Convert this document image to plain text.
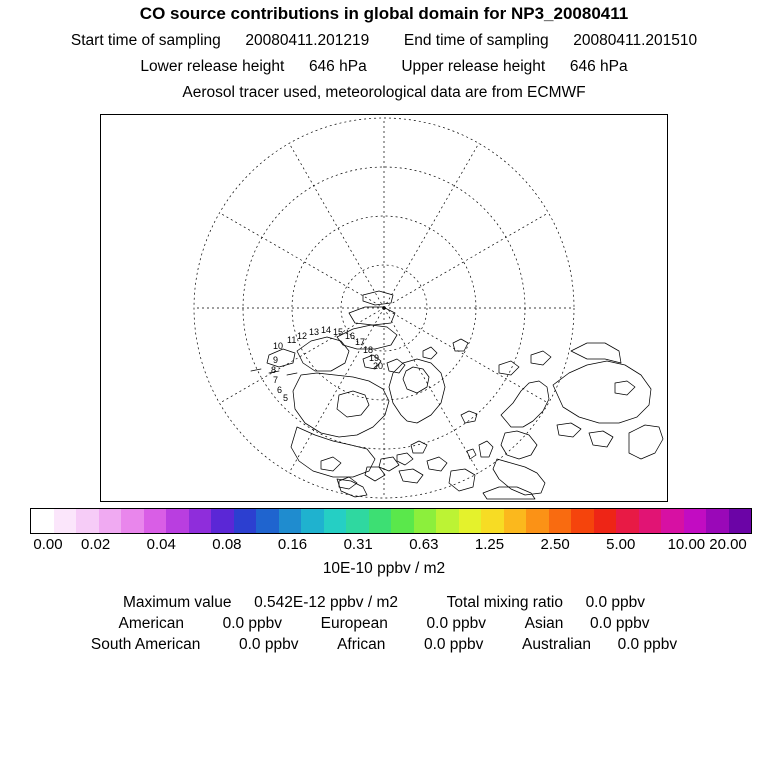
CO source contributions in global domain for NP3_20080411
Start time of sampling 20080411.201219 End time of sampling 20080411.201510
Lower release height 646 hPa Upper release height 646 hPa
Aerosol tracer used, meteorological data are from ECMWF
10
11 12 13 14 15 16
17
18
19
20
9
8
7
6
5
0.00 0.02 0.04 0.08 0.16 0.31 0.63 1.25 2.50 5.00 10.00 20.00
10E-10 ppbv / m2
Maximum value 0.542E-12 ppbv / m2	Total mixing ratio 0.0 ppbv
American 0.0 ppbv European 0.0 ppbv Asian 0.0 ppbv
South American 0.0 ppbv African 0.0 ppbv Australian 0.0 ppbv
